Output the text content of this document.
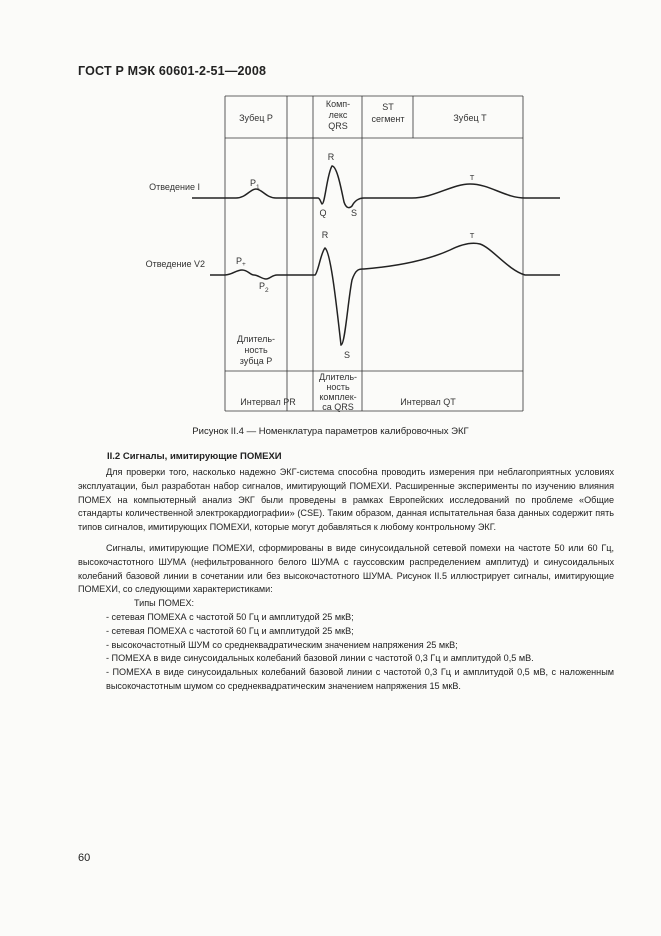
ГОСТ Р МЭК 60601-2-51—2008
Зубец P
Комп-
лекс
QRS
ST
сегмент	Зубец T
Отведение I
Отведение V2
$P_1$
R
Q	S
T
$P_+$
$P_2$
R
S
T
Длитель-
ность
зубца P
Длитель-
ность
комплек-
са QRS
Интервал PR	Интервал QT
Рисунок II.4 — Номенклатура параметров калибровочных ЭКГ
II.2 Сигналы, имитирующие ПОМЕХИ

Для проверки того, насколько надежно ЭКГ-система способна проводить измерения при неблагоприятных условиях эксплуатации, был разработан набор сигналов, имитирующий ПОМЕХИ. Расширенные эксперименты по изучению влияния ПОМЕХ на компьютерный анализ ЭКГ были проведены в рамках Европейских исследований по проблеме «Общие стандарты количественной электрокардиографии» (CSE). Таким образом, данная испытательная база данных содержит пять типов сигналов, имитирующих ПОМЕХИ, которые могут добавляться к любому контрольному ЭКГ.

Сигналы, имитирующие ПОМЕХИ, сформированы в виде синусоидальной сетевой помехи на частоте 50 или 60 Гц, высокочастотного ШУМА (нефильтрованного белого ШУМА с гауссовским распределением амплитуд) и синусоидальных колебаний базовой линии в сочетании или без высокочастотного ШУМА. Рисунок II.5 иллюстрирует сигналы, имитирующие ПОМЕХИ, со следующими характеристиками:

Типы ПОМЕХ:

- сетевая ПОМЕХА с частотой 50 Гц и амплитудой 25 мкВ;
- сетевая ПОМЕХА с частотой 60 Гц и амплитудой 25 мкВ;
- высокочастотный ШУМ со среднеквадратическим значением напряжения 25 мкВ;
- ПОМЕХА в виде синусоидальных колебаний базовой линии с частотой 0,3 Гц и амплитудой 0,5 мВ.
- ПОМЕХА в виде синусоидальных колебаний базовой линии с частотой 0,3 Гц и амплитудой 0,5 мВ, с наложенным высокочастотным шумом со среднеквадратическим значением напряжения 15 мкВ.
60
